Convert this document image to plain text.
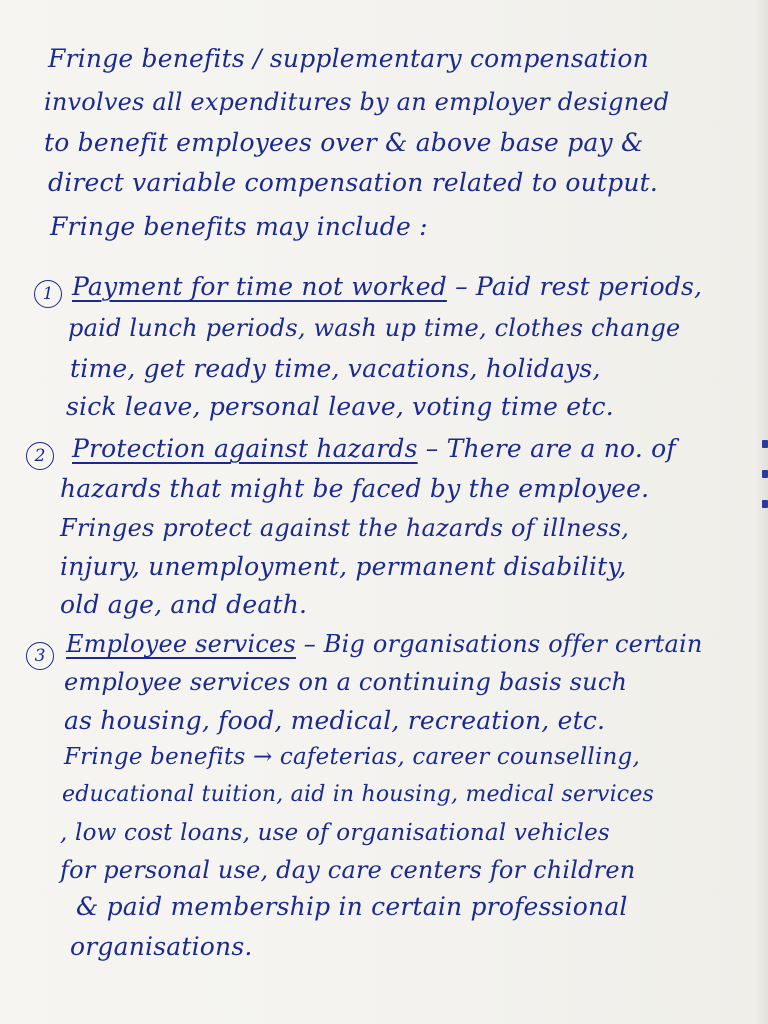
Fringe benefits / supplementary compensation
involves all expenditures by an employer designed
to benefit employees over & above base pay &
direct variable compensation related to output.
Fringe benefits may include :
1 Payment for time not worked – Paid rest periods,
paid lunch periods, wash up time, clothes change
time, get ready time, vacations, holidays,
sick leave, personal leave, voting time etc.
2	Protection against hazards – There are a no. of
hazards that might be faced by the employee.
Fringes protect against the hazards of illness,
injury, unemployment, permanent disability,
old age, and death.
3 Employee services – Big organisations offer certain
employee services on a continuing basis such
as housing, food, medical, recreation, etc.
Fringe benefits → cafeterias, career counselling,
educational tuition, aid in housing, medical services
, low cost loans, use of organisational vehicles
for personal use, day care centers for children
& paid membership in certain professional
organisations.
